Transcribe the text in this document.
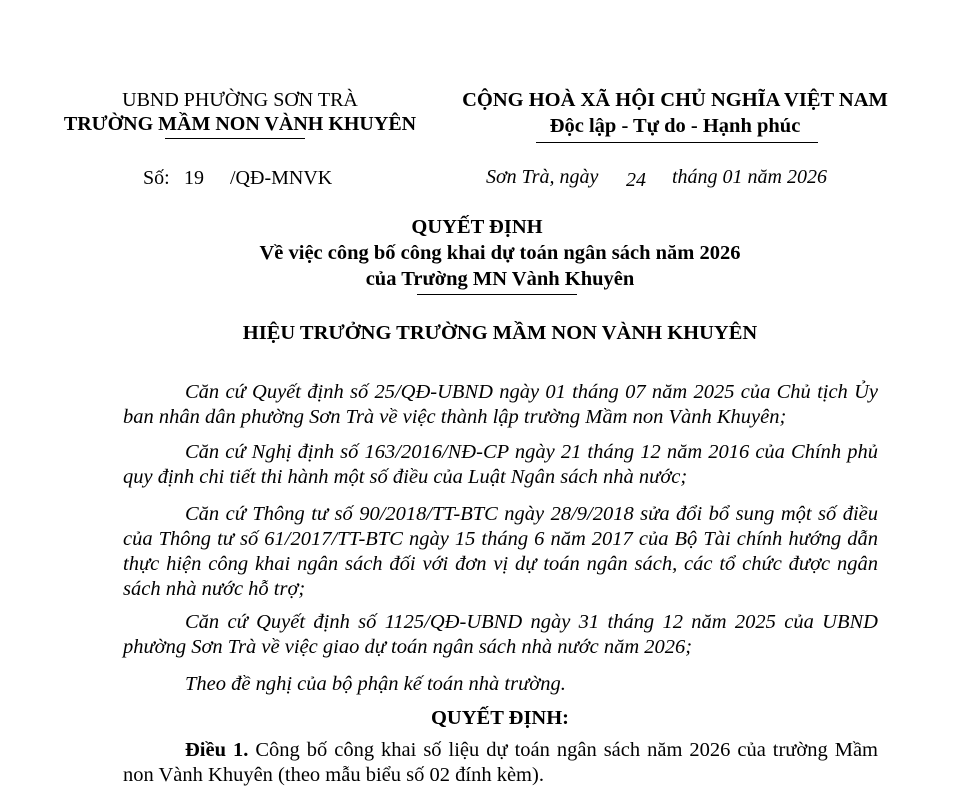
UBND PHƯỜNG SƠN TRÀ
TRƯỜNG MẦM NON VÀNH KHUYÊN
CỘNG HOÀ XÃ HỘI CHỦ NGHĨA VIỆT NAM
Độc lập - Tự do - Hạnh phúc
Số: 19 /QĐ-MNVK	Sơn Trà, ngày 24 tháng 01 năm 2026
QUYẾT ĐỊNH
Về việc công bố công khai dự toán ngân sách năm 2026
của Trường MN Vành Khuyên
HIỆU TRƯỞNG TRƯỜNG MẦM NON VÀNH KHUYÊN
Căn cứ Quyết định số 25/QĐ-UBND ngày 01 tháng 07 năm 2025 của Chủ tịch Ủy ban nhân dân phường Sơn Trà về việc thành lập trường Mầm non Vành Khuyên;
Căn cứ Nghị định số 163/2016/NĐ-CP ngày 21 tháng 12 năm 2016 của Chính phủ quy định chi tiết thi hành một số điều của Luật Ngân sách nhà nước;
Căn cứ Thông tư số 90/2018/TT-BTC ngày 28/9/2018 sửa đổi bổ sung một số điều của Thông tư số 61/2017/TT-BTC ngày 15 tháng 6 năm 2017 của Bộ Tài chính hướng dẫn thực hiện công khai ngân sách đối với đơn vị dự toán ngân sách, các tổ chức được ngân sách nhà nước hỗ trợ;
Căn cứ Quyết định số 1125/QĐ-UBND ngày 31 tháng 12 năm 2025 của UBND phường Sơn Trà về việc giao dự toán ngân sách nhà nước năm 2026;
Theo đề nghị của bộ phận kế toán nhà trường.
QUYẾT ĐỊNH:
Điều 1. Công bố công khai số liệu dự toán ngân sách năm 2026 của trường Mầm non Vành Khuyên (theo mẫu biểu số 02 đính kèm).
